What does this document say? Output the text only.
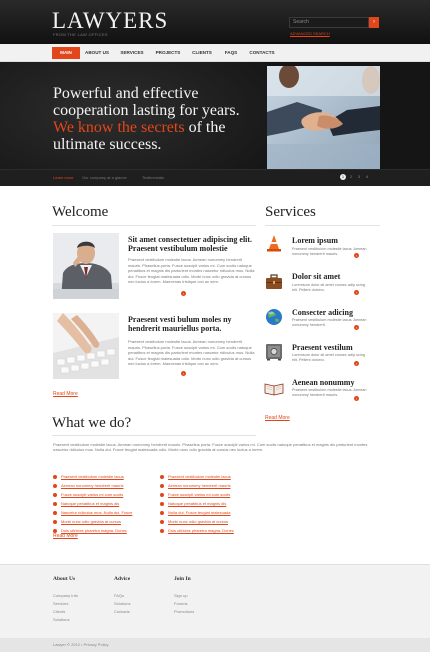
LAWYERS
FROM THE LAW OFFICES
Search	›
ADVANCED SEARCH
MAIN	ABOUT US	SERVICES	PROJECTS	CLIENTS	FAQS	CONTACTS
Powerful and effective
cooperation lasting for years.
We know the secrets of the
ultimate success.
Learn more Our company at a glance	Testimonials	1	2	3	4
Welcome
Sit amet consectetuer adipiscing elit. Praesent vestibulum molestie
Praesent vestibulum molestie lacus. Aenean nonummy hendrerit mauris. Phasellus porta. Fusce suscipit varius mi. Cum sociis natoque penatibus et magnis dis parturient montes nascetur ridiculus mus. Nulla dui. Fusce feugiat malesuada odio. Morbi nunc odio gravida at cursus nec luctus a lorem. Maecenas tristique orci ac sem.
›
Praesent vesti bulum moles ny hendrerit mauriellus porta.
Praesent vestibulum molestie lacus. Aenean nonummy hendrerit mauris. Phasellus porta. Fusce suscipit varius mi. Cum sociis natoque penatibus et magnis dis parturient montes nascetur ridiculus mus. Nulla dui. Fusce feugiat malesuada odio. Morbi nunc odio gravida at cursus nec luctus a lorem. Maecenas tristique orci ac sem.
›
Read More
Services
Lorem ipsum
Praesent vestibulum molestie lacus. Aenean nonummy hendrerit mauris.	›
Dolor sit amet
Loremsum dolor sit amet consec adip scing elit. Pellent dolorvc.	›
Consecter adicing
Praesent vestibulum molestie lacus. Aenean nonummy hendrerit.	›
Praesent vestilum
Loremsum dolor sit amet consec adip scing elit. Pellent dolorvc.
›
Aenean nonummy
Praesent vestibulum molestie lacus. Aenean nonummy hendrerit mauris.
›
Read More
What we do?
Praesent vestibulum molestie lacus. Aenean nonummy hendrerit mauris. Phasellus porta. Fusce suscipit varius mi. Cum sociis natoque penatibus et magnis dis parturient montes nascetur ridiculus mus. Nulla dui. Fusce feugiat malesuada odio. Morbi nunc odio gravida at cursus nec luctus a lorem.
Praesent vestibulum molestie lacus
Aenean nonummy hendrerit mauris
Fusce suscipit varius mi cum sociis
Natoque penatibus et magnis dis
Nascetur ridiculus mus. Nulla dui. Fusce
Morbi nunc odio gravida at cursus
Duis ultricies pharetra magna. Donec
Praesent vestibulum molestie lacus
Aenean nonummy hendrerit mauris
Fusce suscipit varius mi cum sociis
Natoque penatibus et magnis dis
Nulla dui. Fusce feugiat malesuada
Morbi nunc odio gravida at cursus
Duis ultricies pharetra magna. Donec
Read More
About Us
Company Info
Services
Clients
Solutions
Advice
FAQs
Solutions
Contacts
Join In
Sign up
Forums
Promotions
Lawyer © 2012 • Privacy Policy
